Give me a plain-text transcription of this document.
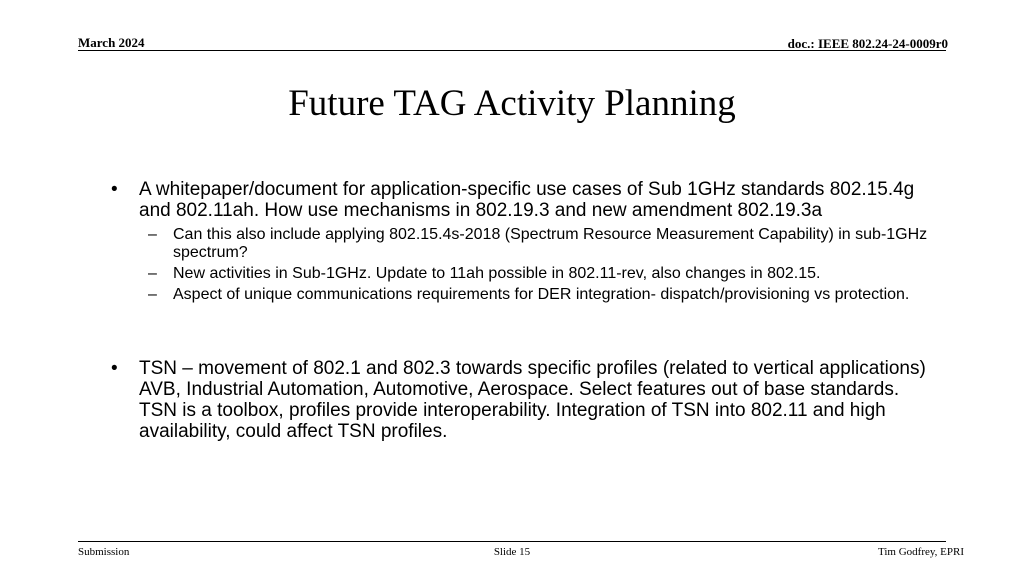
March 2024	doc.: IEEE 802.24-24-0009r0
Future TAG Activity Planning
• A whitepaper/document for application-specific use cases of Sub 1GHz standards 802.15.4g and 802.11ah. How use mechanisms in 802.19.3 and new amendment 802.19.3a
– Can this also include applying 802.15.4s-2018 (Spectrum Resource Measurement Capability) in sub-1GHz spectrum?
– New activities in Sub-1GHz. Update to 11ah possible in 802.11-rev, also changes in 802.15.
– Aspect of unique communications requirements for DER integration- dispatch/provisioning vs protection.
• TSN – movement of 802.1 and 802.3 towards specific profiles (related to vertical applications) AVB, Industrial Automation, Automotive, Aerospace. Select features out of base standards. TSN is a toolbox, profiles provide interoperability. Integration of TSN into 802.11 and high availability, could affect TSN profiles.
Submission	Slide 15	Tim Godfrey, EPRI
